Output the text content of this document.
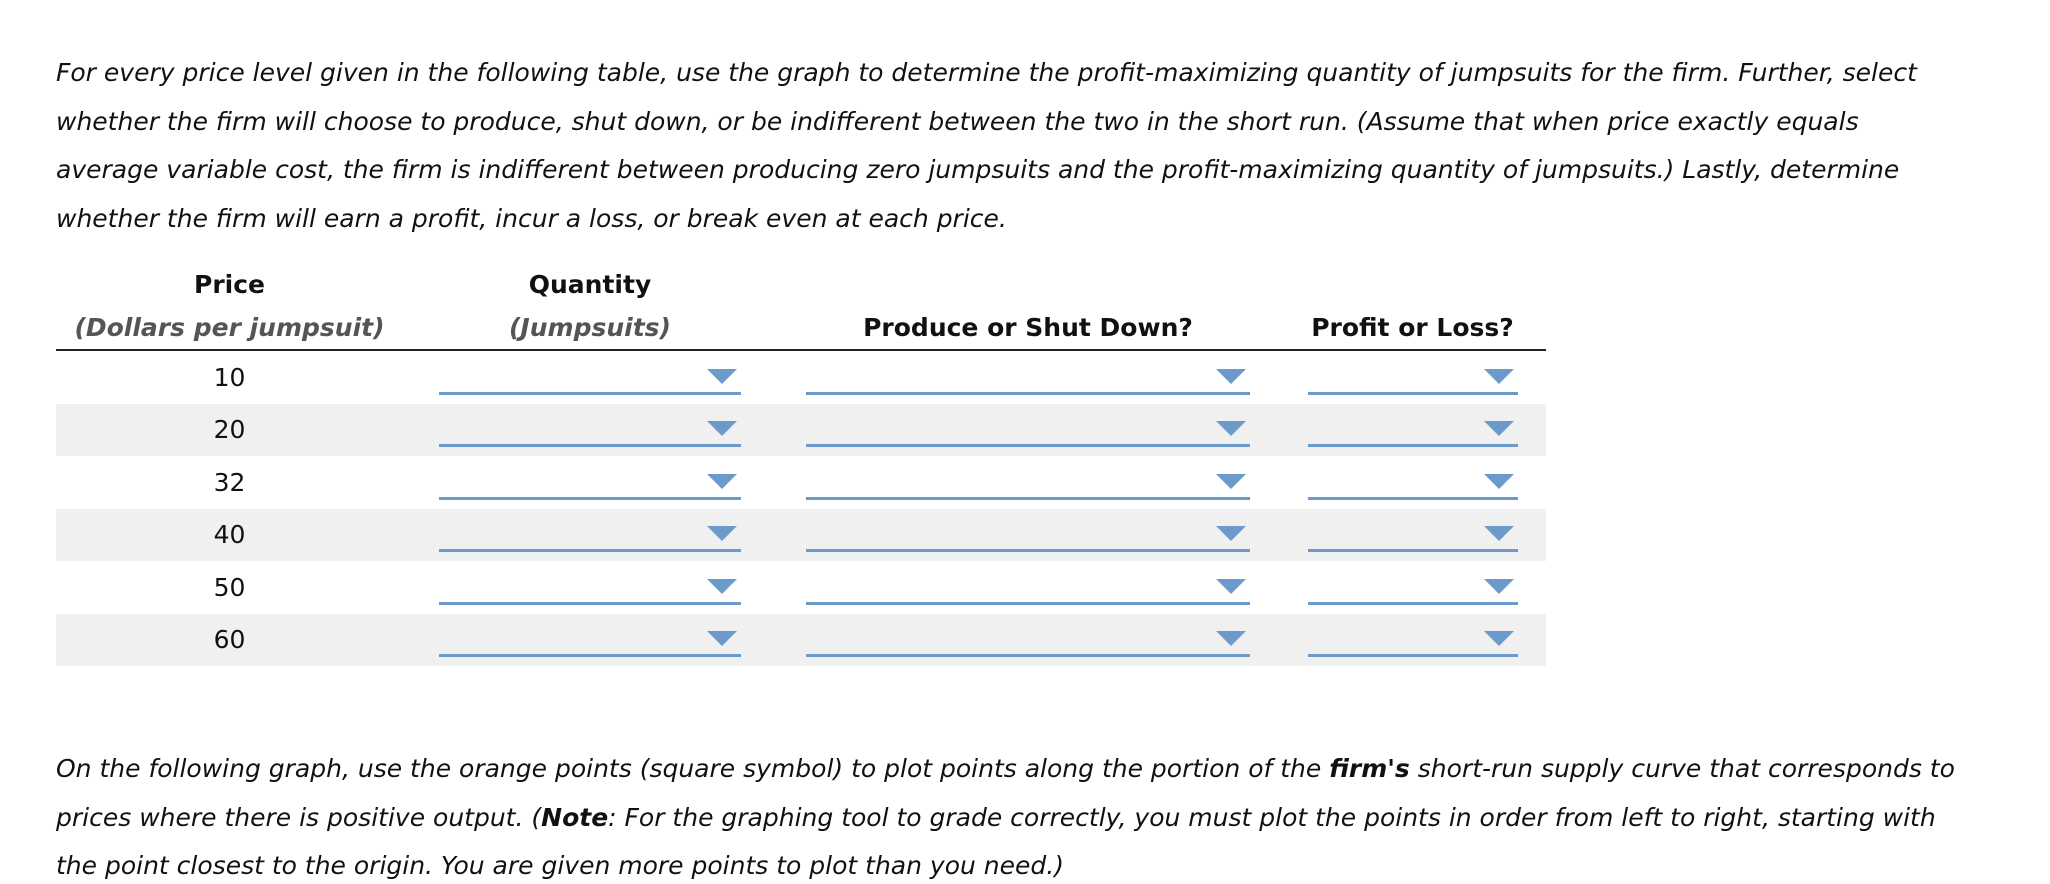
For every price level given in the following table, use the graph to determine the profit-maximizing quantity of jumpsuits for the firm. Further, select whether the firm will choose to produce, shut down, or be indifferent between the two in the short run. (Assume that when price exactly equals average variable cost, the firm is indifferent between producing zero jumpsuits and the profit-maximizing quantity of jumpsuits.) Lastly, determine whether the firm will earn a profit, incur a loss, or break even at each price.

Price	Quantity		
(Dollars per jumpsuit)	(Jumpsuits)	Produce or Shut Down?	Profit or Loss?
10	

20	

32	

40	

50	

60	

On the following graph, use the orange points (square symbol) to plot points along the portion of the firm's short-run supply curve that corresponds to prices where there is positive output. (Note: For the graphing tool to grade correctly, you must plot the points in order from left to right, starting with the point closest to the origin. You are given more points to plot than you need.)
